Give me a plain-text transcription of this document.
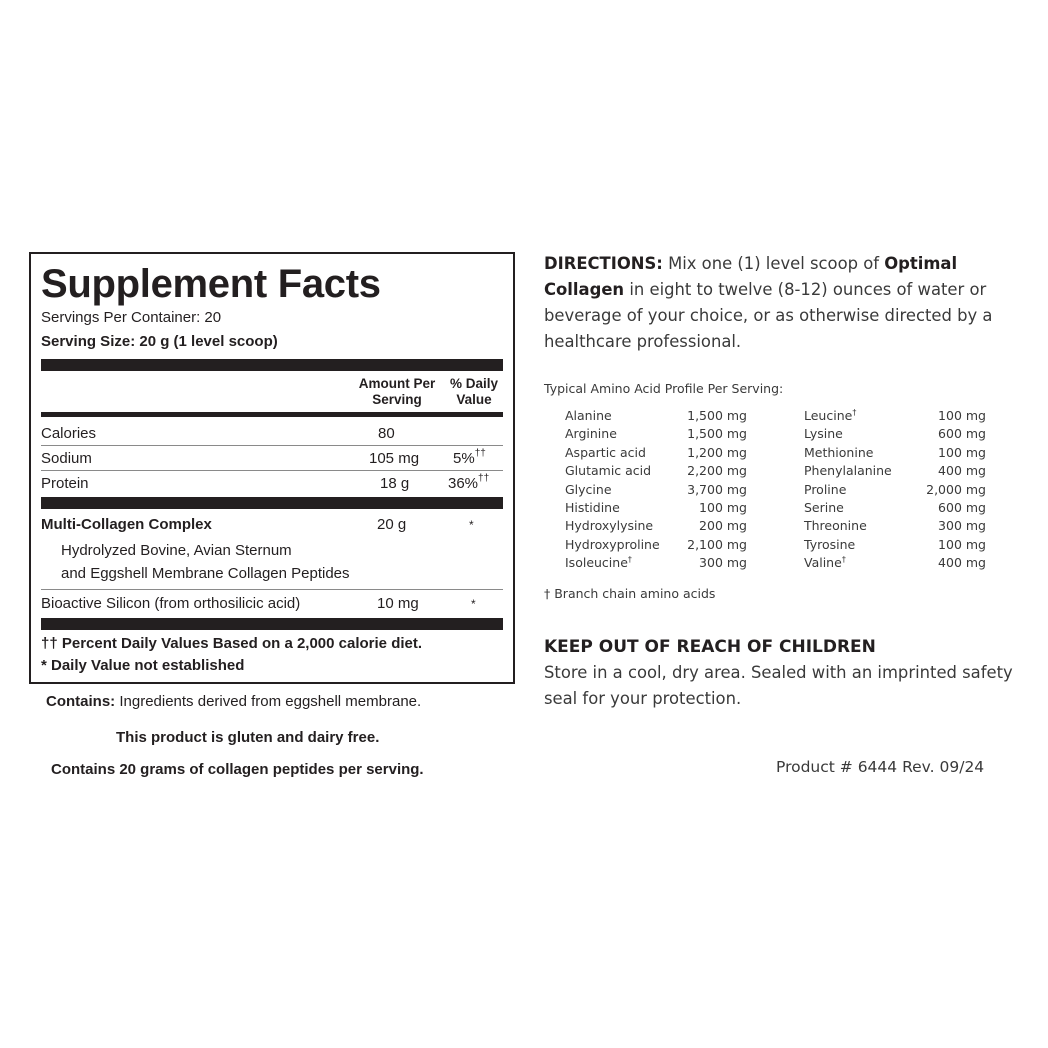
Supplement Facts
Servings Per Container: 20
Serving Size: 20 g (1 level scoop)
Amount Per
Serving
% Daily
Value
Calories	80
Sodium	105 mg 5%††
Protein	18 g	36%††
Multi-Collagen Complex	20 g	*
Hydrolyzed Bovine, Avian Sternum
and Eggshell Membrane Collagen Peptides
Bioactive Silicon (from orthosilicic acid)	10 mg	*
†† Percent Daily Values Based on a 2,000 calorie diet.
* Daily Value not established
Contains: Ingredients derived from eggshell membrane.
This product is gluten and dairy free.
Contains 20 grams of collagen peptides per serving.
DIRECTIONS: Mix one (1) level scoop of Optimal Collagen in eight to twelve (8-12) ounces of water or beverage of your choice, or as otherwise directed by a healthcare professional.
Typical Amino Acid Profile Per Serving:
Alanine	1,500 mg
Arginine	1,500 mg
Aspartic acid	1,200 mg
Glutamic acid	2,200 mg
Glycine	3,700 mg
Histidine	100 mg
Hydroxylysine	200 mg
Hydroxyproline	2,100 mg
Isoleucine†	300 mg
Leucine†	100 mg
Lysine	600 mg
Methionine	100 mg
Phenylalanine	400 mg
Proline	2,000 mg
Serine	600 mg
Threonine	300 mg
Tyrosine	100 mg
Valine†	400 mg
† Branch chain amino acids
KEEP OUT OF REACH OF CHILDREN
Store in a cool, dry area. Sealed with an imprinted safety seal for your protection.
Product # 6444 Rev. 09/24
